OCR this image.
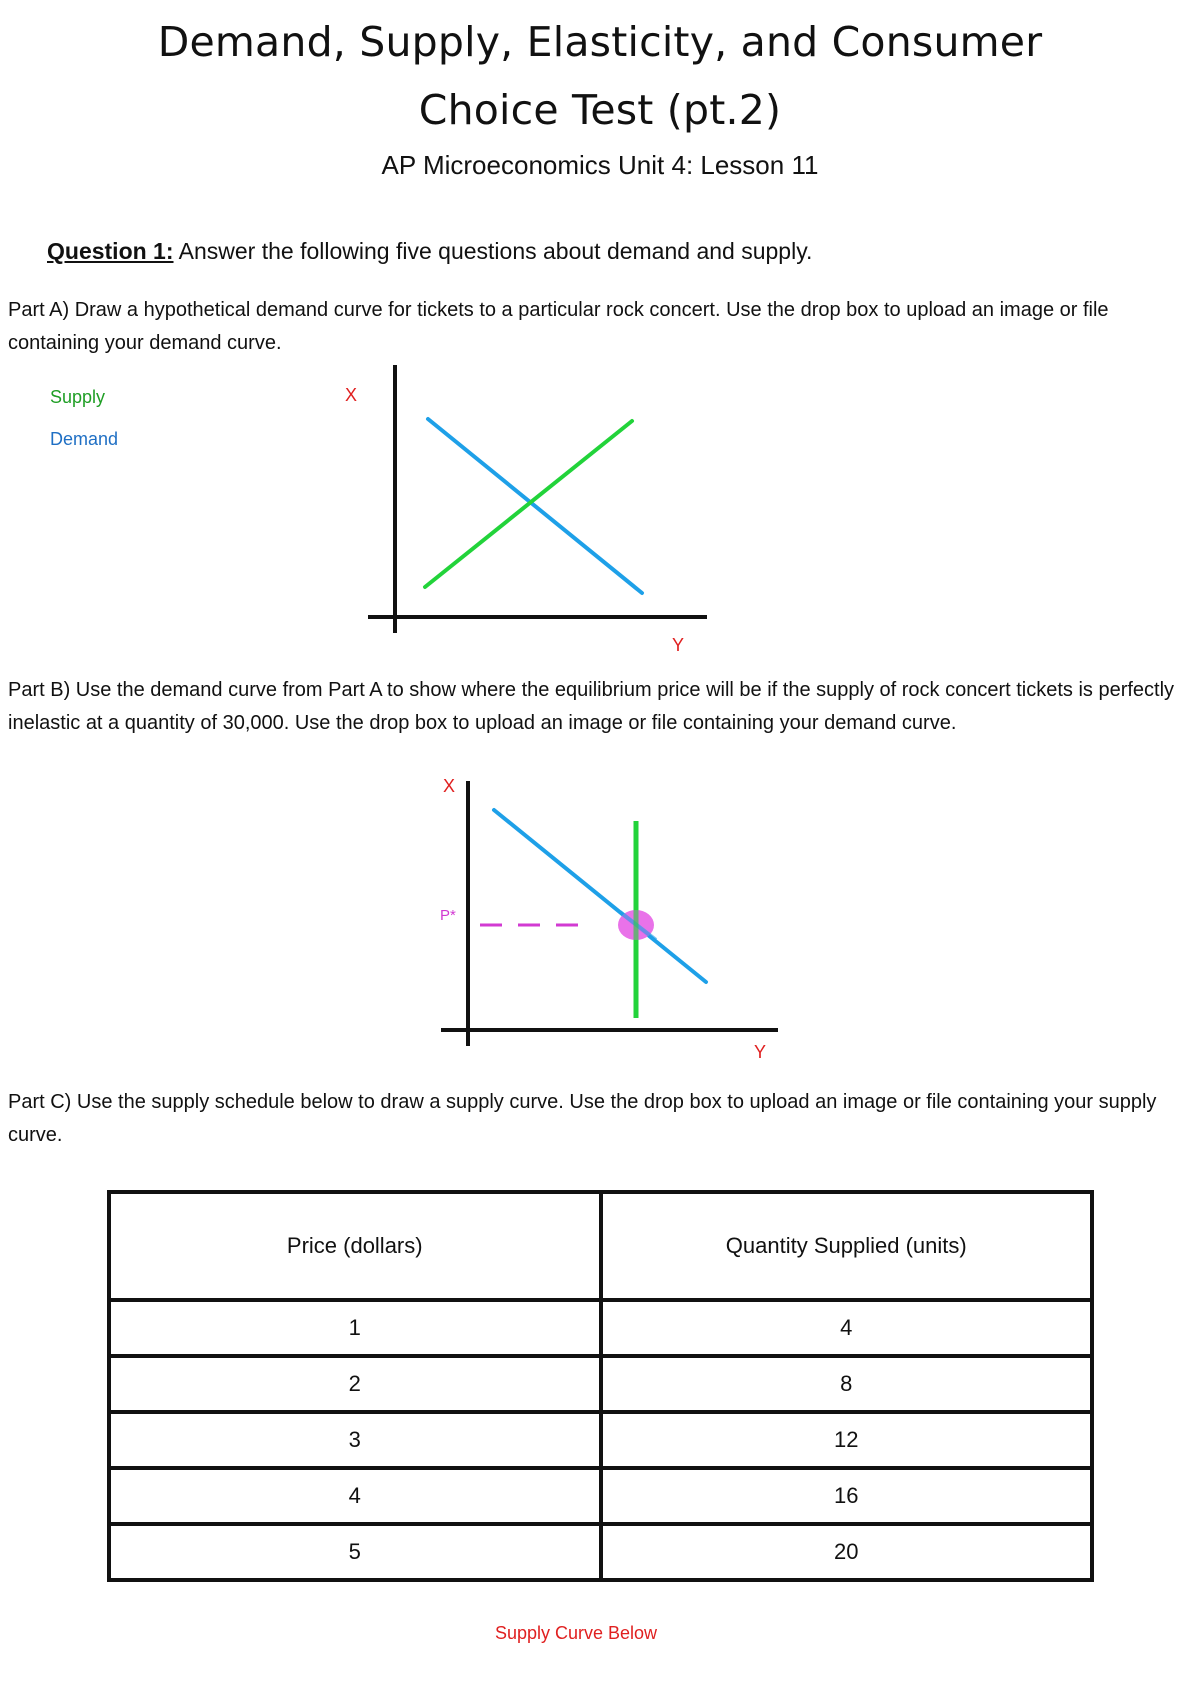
Demand, Supply, Elasticity, and Consumer
Choice Test (pt.2)
AP Microeconomics Unit 4: Lesson 11
Question 1: Answer the following five questions about demand and supply.
Part A) Draw a hypothetical demand curve for tickets to a particular rock concert. Use the drop box to upload an image or file containing your demand curve.
Supply
Demand
X
Y
Part B) Use the demand curve from Part A to show where the equilibrium price will be if the supply of rock concert tickets is perfectly inelastic at a quantity of 30,000. Use the drop box to upload an image or file containing your demand curve.
X
P*
Y
Part C) Use the supply schedule below to draw a supply curve. Use the drop box to upload an image or file containing your supply curve.
Price (dollars)	Quantity Supplied (units)
1	4
2	8
3	12
4	16
5	20
Supply Curve Below
